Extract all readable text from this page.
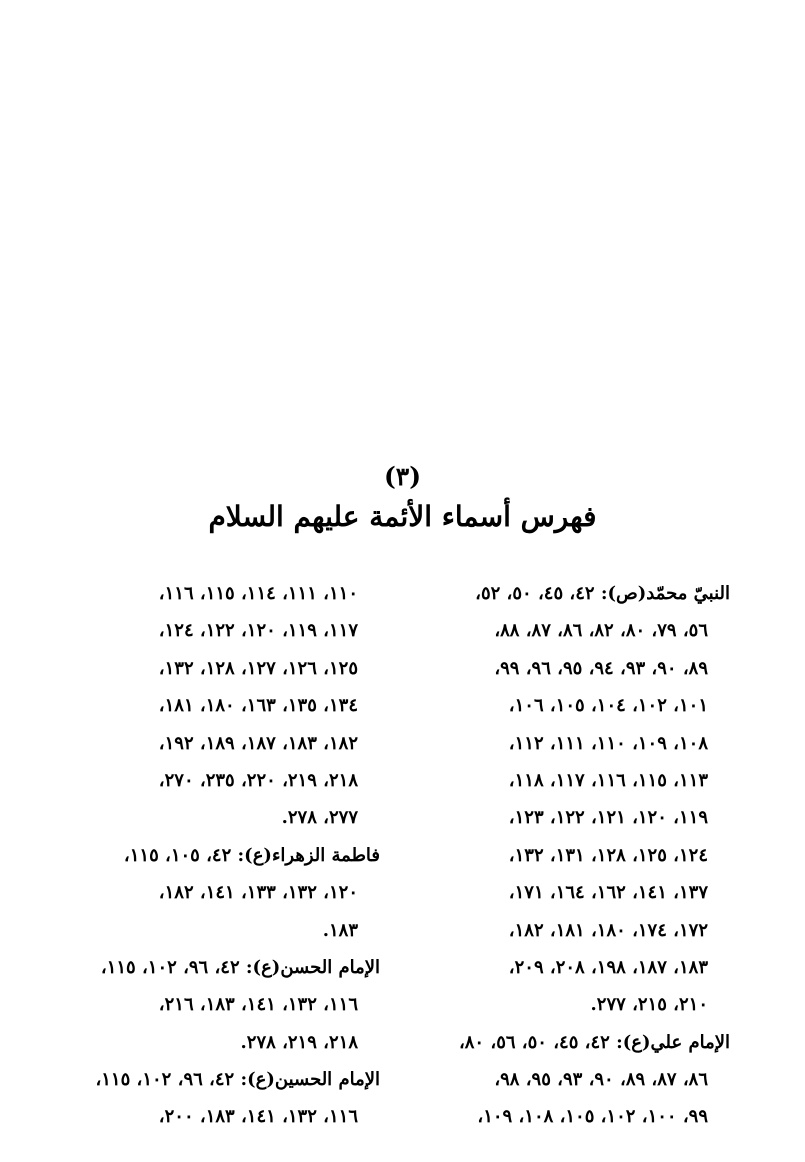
(٣)
فهرس أسماء الأئمة عليهم السلام
النبيّ محمّد(ص): ٤٢، ٤٥، ٥٠، ٥٢،
٥٦، ٧٩، ٨٠، ٨٢، ٨٦، ٨٧، ٨٨،
٨٩، ٩٠، ٩٣، ٩٤، ٩٥، ٩٦، ٩٩،
١٠١، ١٠٢، ١٠٤، ١٠٥، ١٠٦،
١٠٨، ١٠٩، ١١٠، ١١١، ١١٢،
١١٣، ١١٥، ١١٦، ١١٧، ١١٨،
١١٩، ١٢٠، ١٢١، ١٢٢، ١٢٣،
١٢٤، ١٢٥، ١٢٨، ١٣١، ١٣٢،
١٣٧، ١٤١، ١٦٢، ١٦٤، ١٧١،
١٧٢، ١٧٤، ١٨٠، ١٨١، ١٨٢،
١٨٣، ١٨٧، ١٩٨، ٢٠٨، ٢٠٩،
٢١٠، ٢١٥، ٢٧٧.
الإمام علي(ع): ٤٢، ٤٥، ٥٠، ٥٦، ٨٠،
٨٦، ٨٧، ٨٩، ٩٠، ٩٣، ٩٥، ٩٨،
٩٩، ١٠٠، ١٠٢، ١٠٥، ١٠٨، ١٠٩،
١١٠، ١١١، ١١٤، ١١٥، ١١٦،
١١٧، ١١٩، ١٢٠، ١٢٢، ١٢٤،
١٢٥، ١٢٦، ١٢٧، ١٢٨، ١٣٢،
١٣٤، ١٣٥، ١٦٣، ١٨٠، ١٨١،
١٨٢، ١٨٣، ١٨٧، ١٨٩، ١٩٢،
٢١٨، ٢١٩، ٢٢٠، ٢٣٥، ٢٧٠،
٢٧٧، ٢٧٨.
فاطمة الزهراء(ع): ٤٢، ١٠٥، ١١٥،
١٢٠، ١٣٢، ١٣٣، ١٤١، ١٨٢،
١٨٣.
الإمام الحسن(ع): ٤٢، ٩٦، ١٠٢، ١١٥،
١١٦، ١٣٢، ١٤١، ١٨٣، ٢١٦،
٢١٨، ٢١٩، ٢٧٨.
الإمام الحسين(ع): ٤٢، ٩٦، ١٠٢، ١١٥،
١١٦، ١٣٢، ١٤١، ١٨٣، ٢٠٠،
